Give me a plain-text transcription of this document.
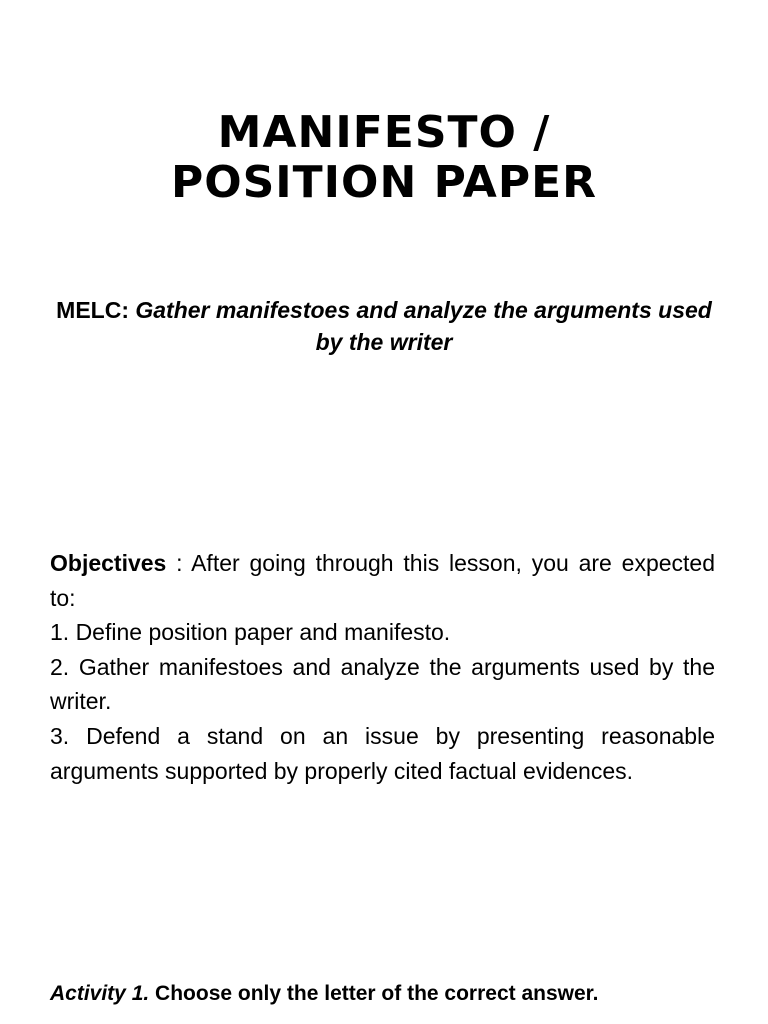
MANIFESTO /
POSITION PAPER
MELC: Gather manifestoes and analyze the arguments used by the writer

Objectives : After going through this lesson, you are expected to:

1. Define position paper and manifesto.

2. Gather manifestoes and analyze the arguments used by the writer.

3. Defend a stand on an issue by presenting reasonable arguments supported by properly cited factual evidences.

Activity 1. Choose only the letter of the correct answer.
